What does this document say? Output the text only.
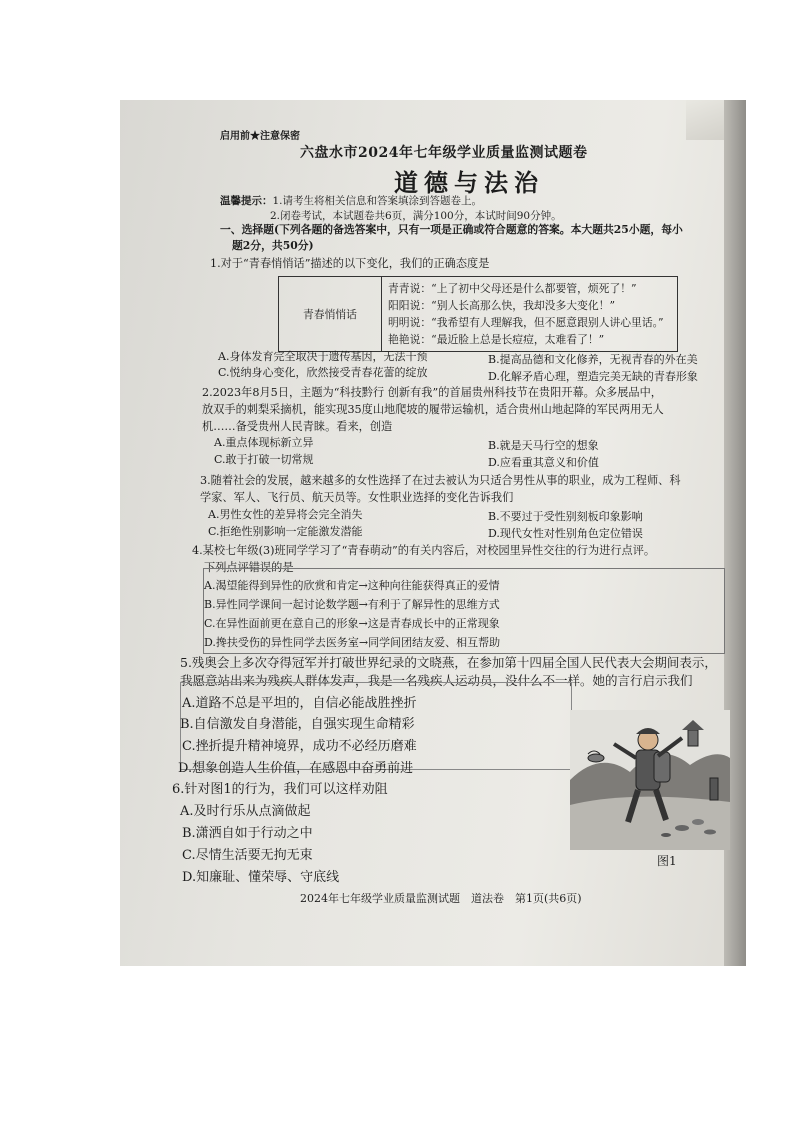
启用前★注意保密
六盘水市2024年七年级学业质量监测试题卷
道德与法治
温馨提示：1.请考生将相关信息和答案填涂到答题卷上。
2.闭卷考试，本试题卷共6页，满分100分，本试时间90分钟。
一、选择题(下列各题的备选答案中，只有一项是正确或符合题意的答案。本大题共25小题，每小
题2分，共50分)
1.对于“青春悄悄话”描述的以下变化，我们的正确态度是
青春悄悄话	
青青说：“上了初中父母还是什么都要管，烦死了！”
阳阳说：“别人长高那么快，我却没多大变化！”
明明说：“我希望有人理解我，但不愿意跟别人讲心里话。”
艳艳说：“最近脸上总是长痘痘，太难看了！”
A.身体发育完全取决于遗传基因，无法干预	B.提高品德和文化修养，无视青春的外在美
C.悦纳身心变化，欣然接受青春花蕾的绽放	D.化解矛盾心理，塑造完美无缺的青春形象
2.2023年8月5日，主题为“科技黔行 创新有我”的首届贵州科技节在贵阳开幕。众多展品中，
放双手的刺梨采摘机，能实现35度山地爬坡的履带运输机，适合贵州山地起降的军民两用无人
机……备受贵州人民青睐。看来，创造
A.重点体现标新立异	B.就是天马行空的想象
C.敢于打破一切常规	D.应看重其意义和价值
3.随着社会的发展，越来越多的女性选择了在过去被认为只适合男性从事的职业，成为工程师、科
学家、军人、飞行员、航天员等。女性职业选择的变化告诉我们
A.男性女性的差异将会完全消失	B.不要过于受性别刻板印象影响
C.拒绝性别影响一定能激发潜能	D.现代女性对性别角色定位错误
4.某校七年级(3)班同学学习了“青春萌动”的有关内容后，对校园里异性交往的行为进行点评。
下列点评错误的是
A.渴望能得到异性的欣赏和肯定→这种向往能获得真正的爱情
B.异性同学课间一起讨论数学题→有利于了解异性的思维方式
C.在异性面前更在意自己的形象→这是青春成长中的正常现象
D.搀扶受伤的异性同学去医务室→同学间团结友爱、相互帮助
5.残奥会上多次夺得冠军并打破世界纪录的文晓燕，在参加第十四届全国人民代表大会期间表示，
我愿意站出来为残疾人群体发声，我是一名残疾人运动员，没什么不一样。她的言行启示我们
A.道路不总是平坦的，自信必能战胜挫折
B.自信激发自身潜能，自强实现生命精彩
C.挫折提升精神境界，成功不必经历磨难
D.想象创造人生价值，在感恩中奋勇前进
6.针对图1的行为，我们可以这样劝阻
A.及时行乐从点滴做起
B.潇洒自如于行动之中
C.尽情生活要无拘无束
D.知廉耻、懂荣辱、守底线
图1
2024年七年级学业质量监测试题　道法卷　第1页(共6页)
